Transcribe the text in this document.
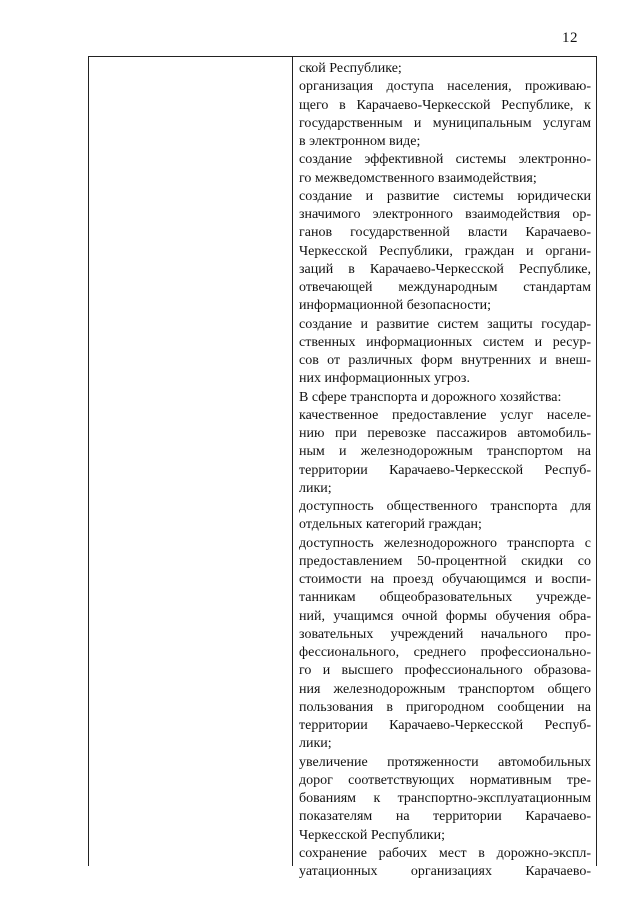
12
ской Республике;
организация доступа населения, проживаю-
щего в Карачаево-Черкесской Республике, к
государственным и муниципальным услугам
в электронном виде;
создание эффективной системы электронно-
го межведомственного взаимодействия;
создание и развитие системы юридически
значимого электронного взаимодействия ор-
ганов государственной власти Карачаево-
Черкесской Республики, граждан и органи-
заций в Карачаево-Черкесской Республике,
отвечающей международным стандартам
информационной безопасности;
создание и развитие систем защиты государ-
ственных информационных систем и ресур-
сов от различных форм внутренних и внеш-
них информационных угроз.
В сфере транспорта и дорожного хозяйства:
качественное предоставление услуг населе-
нию при перевозке пассажиров автомобиль-
ным и железнодорожным транспортом на
территории Карачаево-Черкесской Респуб-
лики;
доступность общественного транспорта для
отдельных категорий граждан;
доступность железнодорожного транспорта с
предоставлением 50-процентной скидки со
стоимости на проезд обучающимся и воспи-
танникам общеобразовательных учрежде-
ний, учащимся очной формы обучения обра-
зовательных учреждений начального про-
фессионального, среднего профессионально-
го и высшего профессионального образова-
ния железнодорожным транспортом общего
пользования в пригородном сообщении на
территории Карачаево-Черкесской Респуб-
лики;
увеличение протяженности автомобильных
дорог соответствующих нормативным тре-
бованиям к транспортно-эксплуатационным
показателям на территории Карачаево-
Черкесской Республики;
сохранение рабочих мест в дорожно-экспл-
уатационных организациях Карачаево-
